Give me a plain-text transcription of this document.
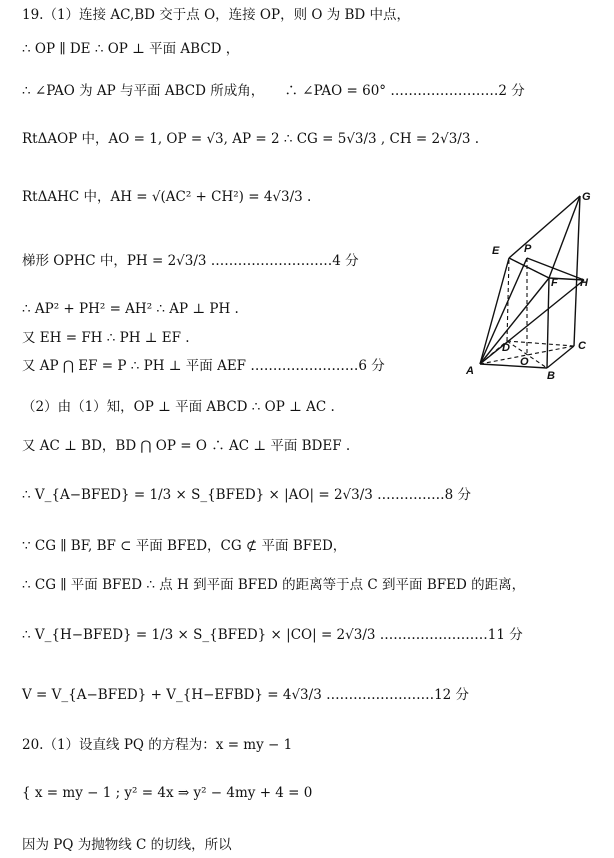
19.（1）连接 AC,BD 交于点 O，连接 OP，则 O 为 BD 中点，
∴ OP ∥ DE ∴ OP ⊥ 平面 ABCD ，
∴ ∠PAO 为 AP 与平面 ABCD 所成角，　　∴ ∠PAO = 60° ……………………2 分
RtΔAOP 中，AO = 1, OP = √3, AP = 2 ∴ CG = 5√3/3 , CH = 2√3/3 .
RtΔAHC 中，AH = √(AC² + CH²) = 4√3/3 .
梯形 OPHC 中，PH = 2√3/3 ………………………4 分
∴ AP² + PH² = AH² ∴ AP ⊥ PH .
又 EH = FH ∴ PH ⊥ EF .
又 AP ⋂ EF = P ∴ PH ⊥ 平面 AEF ……………………6 分
（2）由（1）知，OP ⊥ 平面 ABCD ∴ OP ⊥ AC .
又 AC ⊥ BD，BD ⋂ OP = O ∴ AC ⊥ 平面 BDEF .
∴ V_{A−BFED} = 1/3 × S_{BFED} × |AO| = 2√3/3 ……………8 分
∵ CG ∥ BF, BF ⊂ 平面 BFED，CG ⊄ 平面 BFED，
∴ CG ∥ 平面 BFED ∴ 点 H 到平面 BFED 的距离等于点 C 到平面 BFED 的距离，
∴ V_{H−BFED} = 1/3 × S_{BFED} × |CO| = 2√3/3 ……………………11 分
V = V_{A−BFED} + V_{H−EFBD} = 4√3/3 ……………………12 分
20.（1）设直线 PQ 的方程为：x = my − 1
{ x = my − 1 ; y² = 4x ⇒ y² − 4my + 4 = 0
因为 PQ 为抛物线 C 的切线，所以
G
E P
F H
D
O
C
A	B
